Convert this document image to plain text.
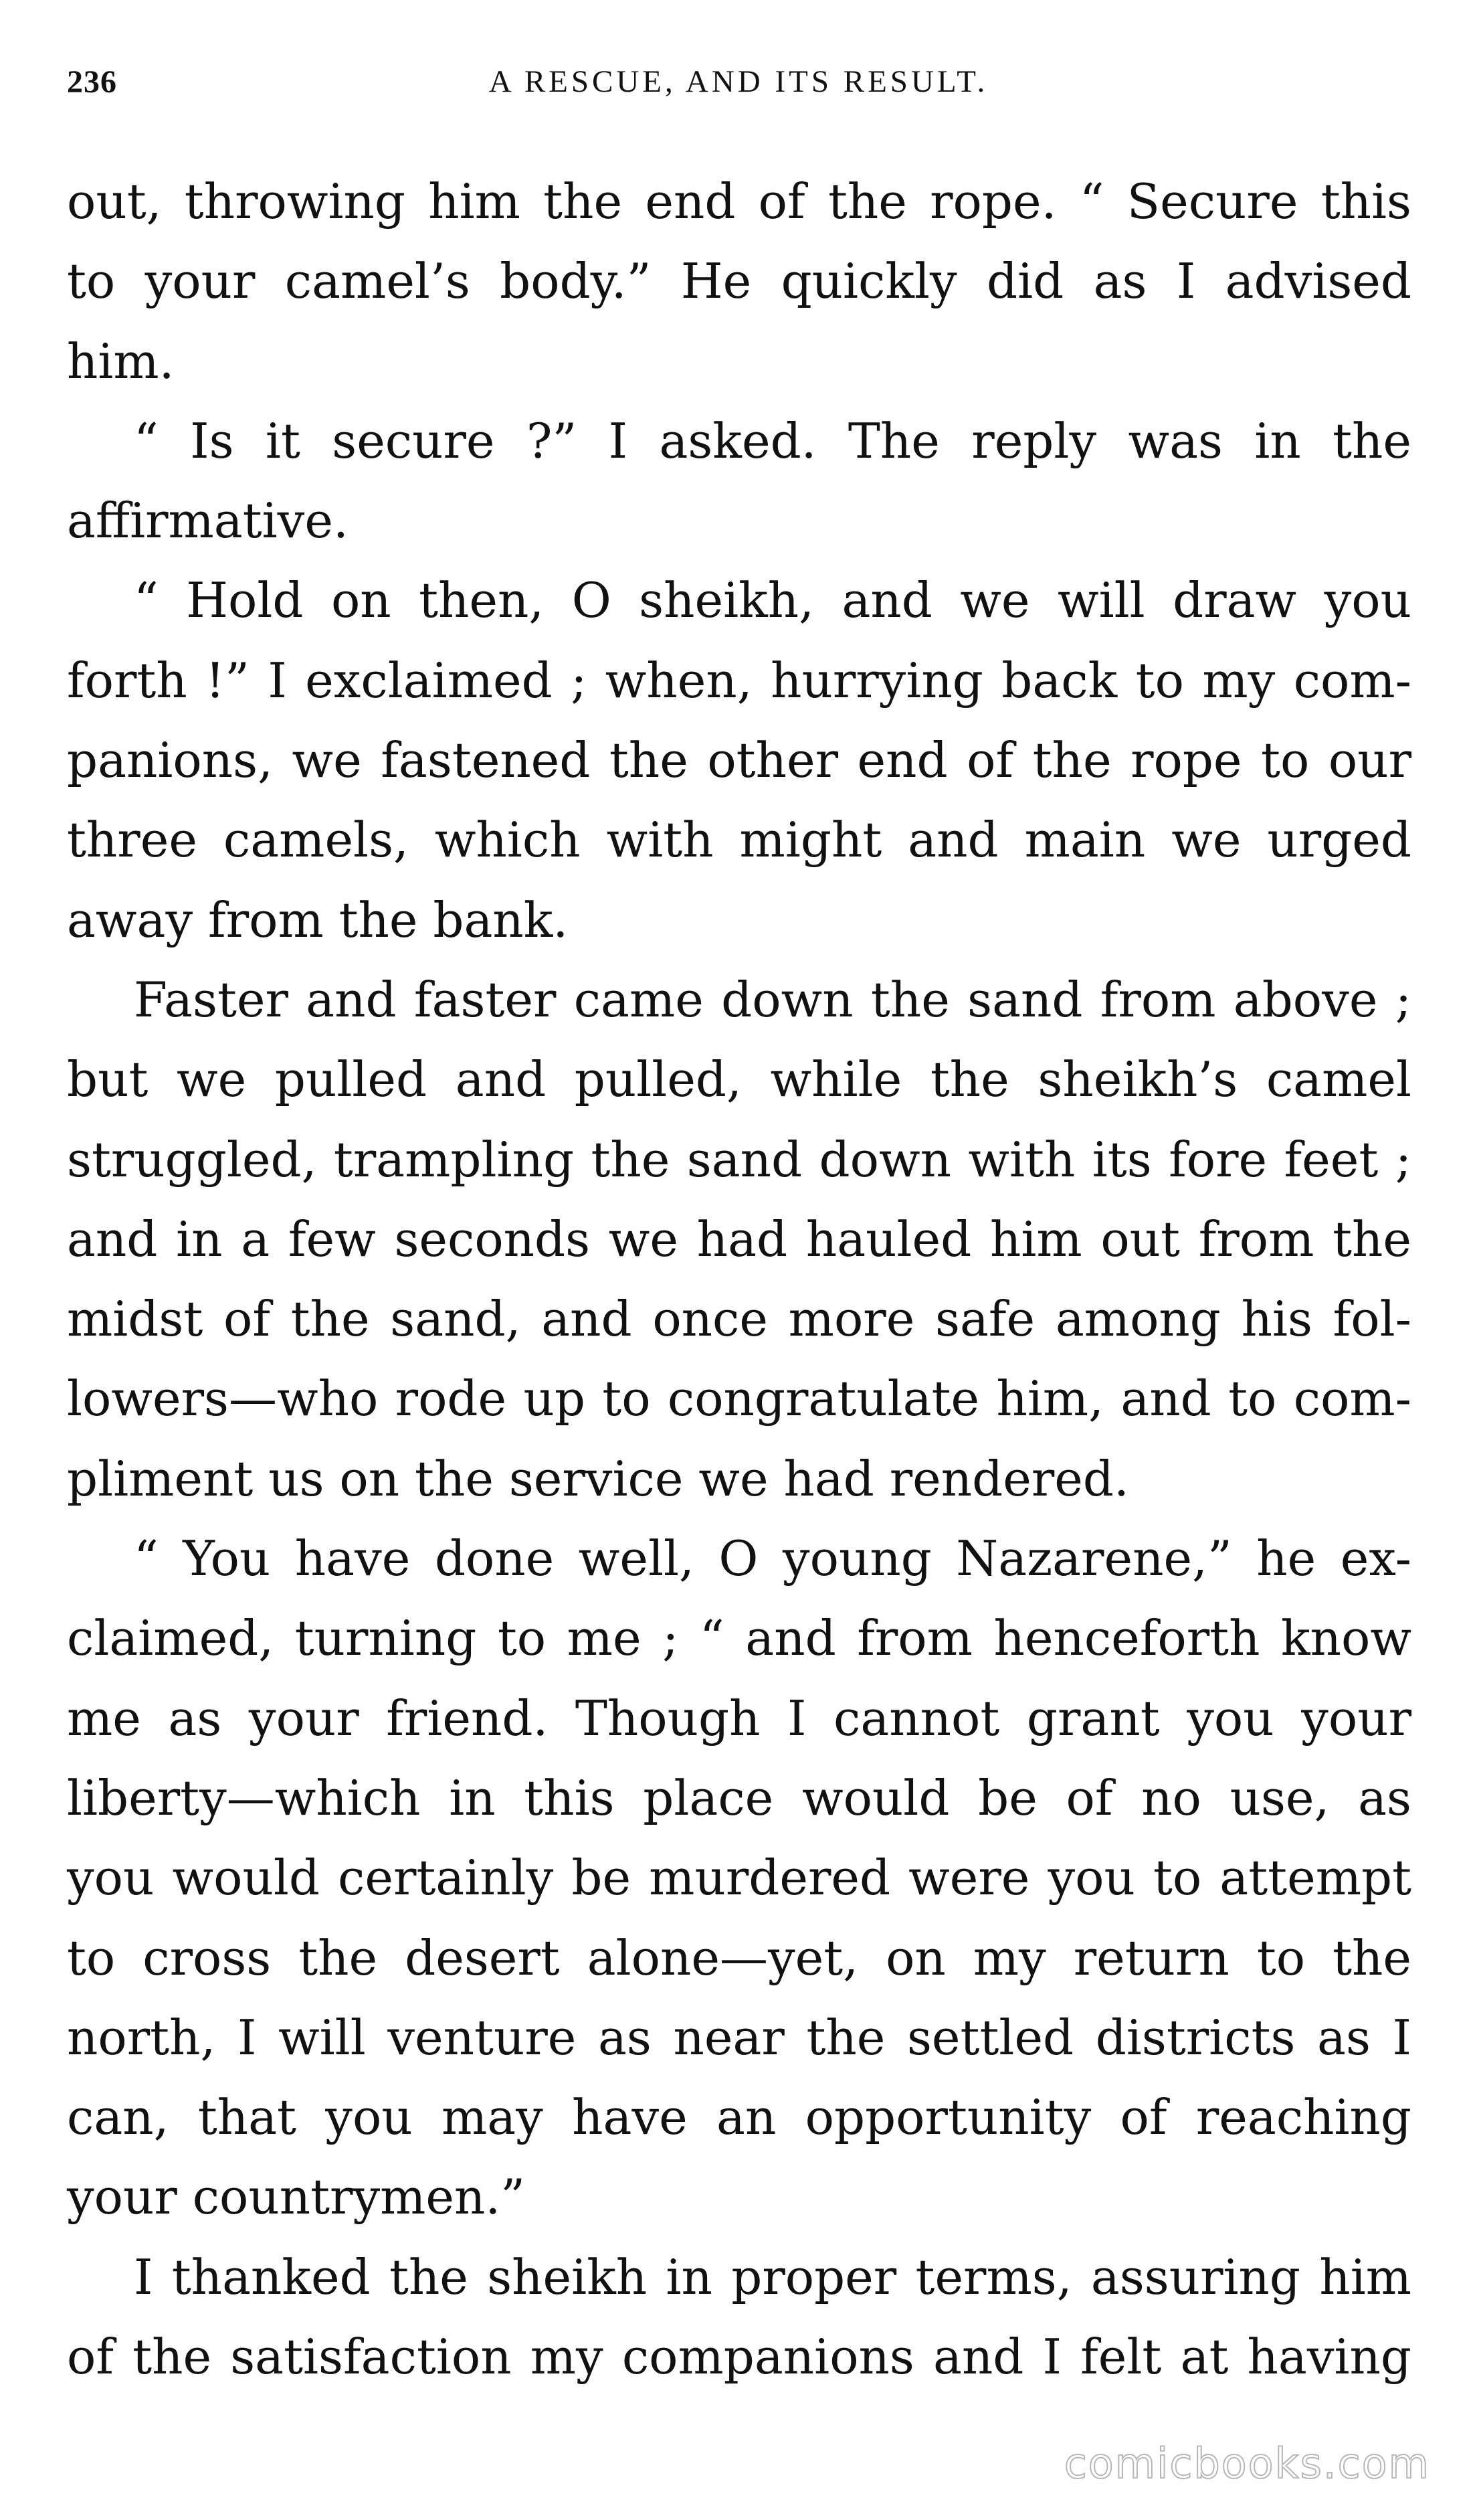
236	A RESCUE, AND ITS RESULT.
out, throwing him the end of the rope. “ Secure this
to your camel’s body.” He quickly did as I advised
him.
“ Is it secure ?” I asked. The reply was in the
affirmative.
“ Hold on then, O sheikh, and we will draw you
forth !” I exclaimed ; when, hurrying back to my com-
panions, we fastened the other end of the rope to our
three camels, which with might and main we urged
away from the bank.
Faster and faster came down the sand from above ;
but we pulled and pulled, while the sheikh’s camel
struggled, trampling the sand down with its fore feet ;
and in a few seconds we had hauled him out from the
midst of the sand, and once more safe among his fol-
lowers—who rode up to congratulate him, and to com-
pliment us on the service we had rendered.
“ You have done well, O young Nazarene,” he ex-
claimed, turning to me ; “ and from henceforth know
me as your friend. Though I cannot grant you your
liberty—which in this place would be of no use, as
you would certainly be murdered were you to attempt
to cross the desert alone—yet, on my return to the
north, I will venture as near the settled districts as I
can, that you may have an opportunity of reaching
your countrymen.”
I thanked the sheikh in proper terms, assuring him
of the satisfaction my companions and I felt at having
comicbooks.com
